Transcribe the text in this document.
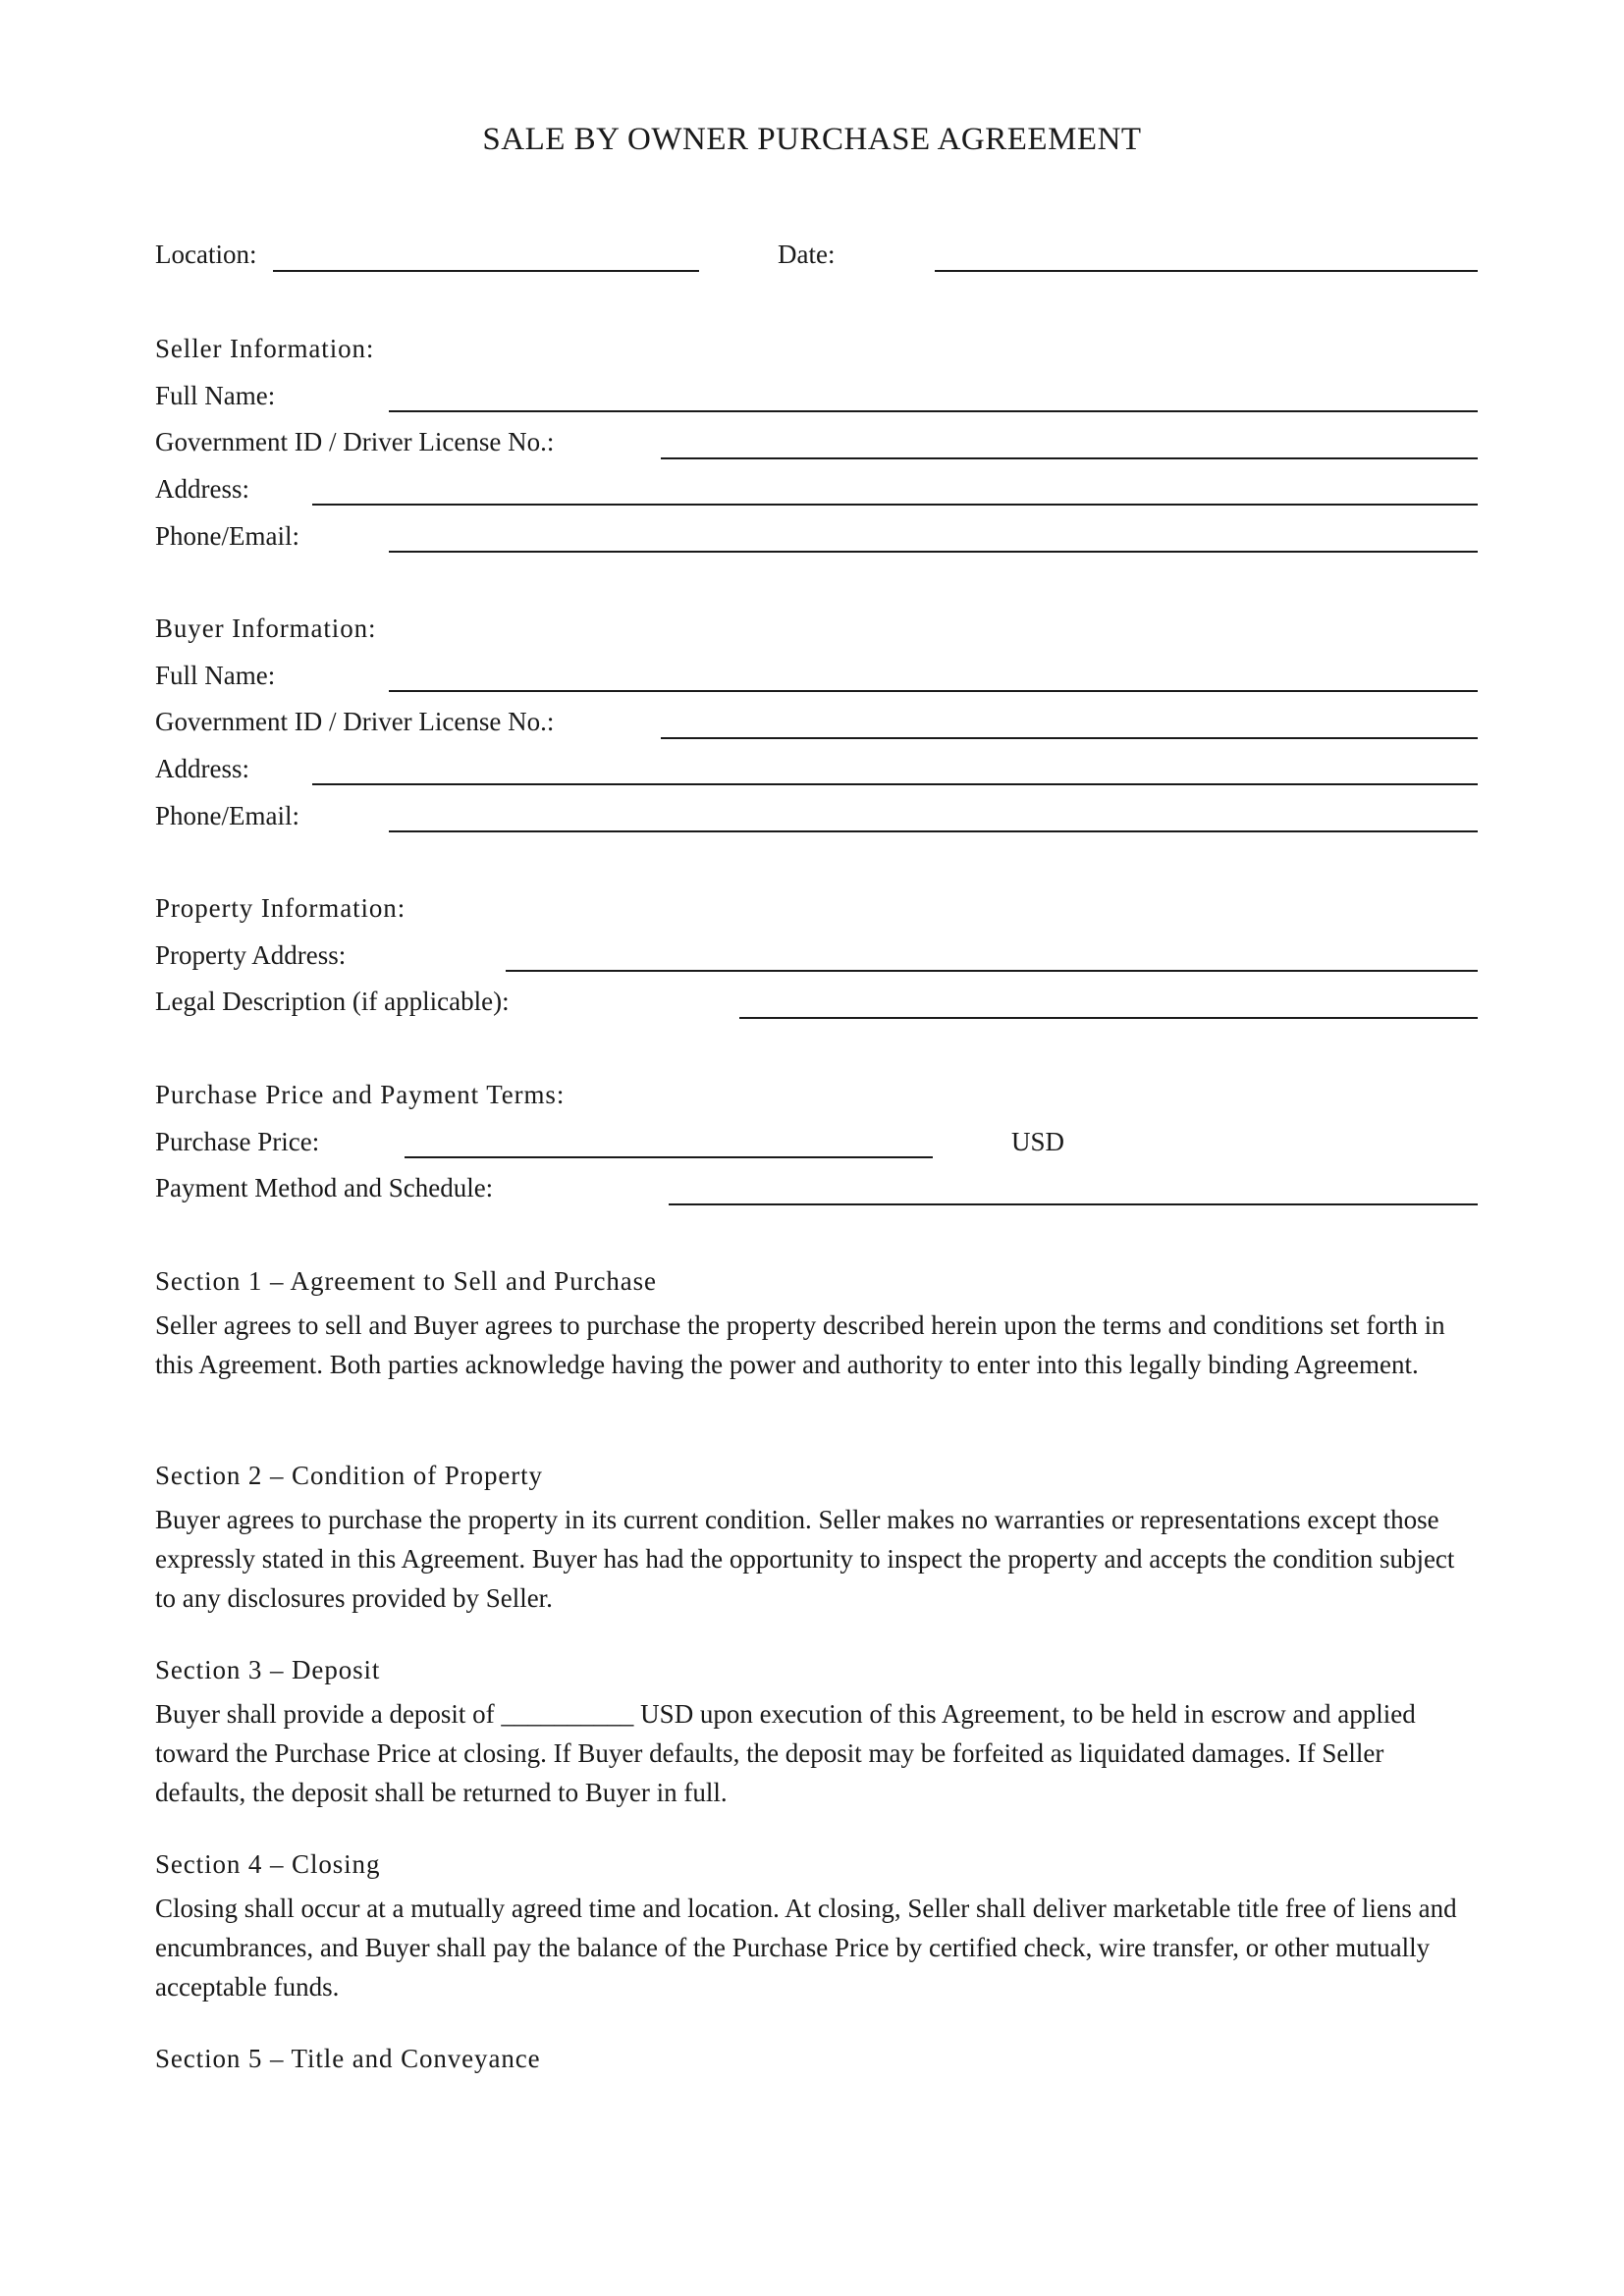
SALE BY OWNER PURCHASE AGREEMENT
Location:	Date:
Seller Information:
Full Name:
Government ID / Driver License No.:
Address:
Phone/Email:
Buyer Information:
Full Name:
Government ID / Driver License No.:
Address:
Phone/Email:
Property Information:
Property Address:
Legal Description (if applicable):
Purchase Price and Payment Terms:
Purchase Price:	USD
Payment Method and Schedule:
Section 1 – Agreement to Sell and Purchase
Seller agrees to sell and Buyer agrees to purchase the property described herein upon the terms and conditions set forth in this Agreement. Both parties acknowledge having the power and authority to enter into this legally binding Agreement.
Section 2 – Condition of Property
Buyer agrees to purchase the property in its current condition. Seller makes no warranties or representations except those expressly stated in this Agreement. Buyer has had the opportunity to inspect the property and accepts the condition subject to any disclosures provided by Seller.
Section 3 – Deposit
Buyer shall provide a deposit of __________ USD upon execution of this Agreement, to be held in escrow and applied toward the Purchase Price at closing. If Buyer defaults, the deposit may be forfeited as liquidated damages. If Seller defaults, the deposit shall be returned to Buyer in full.
Section 4 – Closing
Closing shall occur at a mutually agreed time and location. At closing, Seller shall deliver marketable title free of liens and encumbrances, and Buyer shall pay the balance of the Purchase Price by certified check, wire transfer, or other mutually acceptable funds.
Section 5 – Title and Conveyance
